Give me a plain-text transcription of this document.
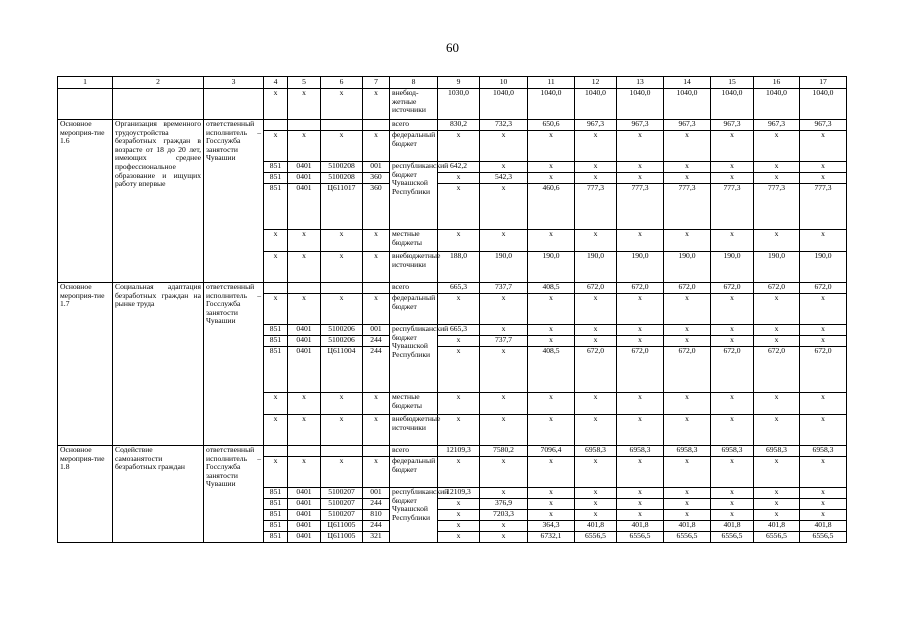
60
1	2	3	4	5	6	7	8	9	10	11	12	13	14	15	16	17
			х	х	х	х	внебюд-жетные источники	1030,0	1040,0	1040,0	1040,0	1040,0	1040,0	1040,0	1040,0	1040,0
Основное мероприя-тие 1.6	Организация временного трудоустройства безработных граждан в возрасте от 18 до 20 лет, имеющих среднее профессиональное образование и ищущих работу впервые	ответственный исполнитель – Госслужба занятости Чувашии					всего	830,2	732,3	650,6	967,3	967,3	967,3	967,3	967,3	967,3
			х	х	х	х	федеральный бюджет	х	х	х	х	х	х	х	х	х
			851	0401	5100208	001	республиканский бюджет Чувашской Республики	642,2	х	х	х	х	х	х	х	х
			851	0401	5100208	360		х	542,3	х	х	х	х	х	х	х
			851	0401	Ц611017	360		х	х	460,6	777,3	777,3	777,3	777,3	777,3	777,3
			х	х	х	х	местные бюджеты	х	х	х	х	х	х	х	х	х
			х	х	х	х	внебюджетные источники	188,0	190,0	190,0	190,0	190,0	190,0	190,0	190,0	190,0
Основное мероприя-тие 1.7	Социальная адаптация безработных граждан на рынке труда	ответственный исполнитель – Госслужба занятости Чувашии					всего	665,3	737,7	408,5	672,0	672,0	672,0	672,0	672,0	672,0
			х	х	х	х	федеральный бюджет	х	х	х	х	х	х	х	х	х
			851	0401	5100206	001	республиканский бюджет Чувашской Республики	665,3	х	х	х	х	х	х	х	х
			851	0401	5100206	244		х	737,7	х	х	х	х	х	х	х
			851	0401	Ц611004	244		х	х	408,5	672,0	672,0	672,0	672,0	672,0	672,0
			х	х	х	х	местные бюджеты	х	х	х	х	х	х	х	х	х
			х	х	х	х	внебюджетные источники	х	х	х	х	х	х	х	х	х
Основное мероприя-тие 1.8	Содействие самозанятости безработных граждан	ответственный исполнитель – Госслужба занятости Чувашии					всего	12109,3	7580,2	7096,4	6958,3	6958,3	6958,3	6958,3	6958,3	6958,3
			х	х	х	х	федеральный бюджет	х	х	х	х	х	х	х	х	х
			851	0401	5100207	001	республиканский бюджет Чувашской Республики	12109,3	х	х	х	х	х	х	х	х
			851	0401	5100207	244		х	376,9	х	х	х	х	х	х	х
			851	0401	5100207	810		х	7203,3	х	х	х	х	х	х	х
			851	0401	Ц611005	244		х	х	364,3	401,8	401,8	401,8	401,8	401,8	401,8
			851	0401	Ц611005	321		х	х	6732,1	6556,5	6556,5	6556,5	6556,5	6556,5	6556,5
